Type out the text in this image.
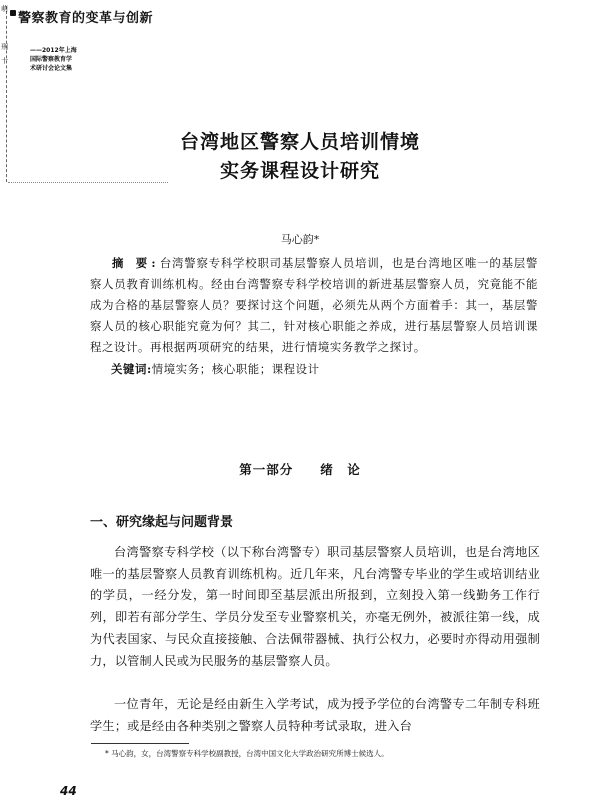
萌
刑
十
警察教育的变革与创新
——2012年上海
国际警察教育学
术研讨会论文集
台湾地区警察人员培训情境
实务课程设计研究
马心韵*
摘 要:台湾警察专科学校职司基层警察人员培训，也是台湾地区唯一的基层警察人员教育训练机构。经由台湾警察专科学校培训的新进基层警察人员，究竟能不能成为合格的基层警察人员？要探讨这个问题，必须先从两个方面着手：其一，基层警察人员的核心职能究竟为何？其二，针对核心职能之养成，进行基层警察人员培训课程之设计。再根据两项研究的结果，进行情境实务教学之探讨。
关键词:情境实务；核心职能；课程设计
第一部分　　绪　论
一、研究缘起与问题背景
台湾警察专科学校（以下称台湾警专）职司基层警察人员培训，也是台湾地区唯一的基层警察人员教育训练机构。近几年来，凡台湾警专毕业的学生或培训结业的学员，一经分发，第一时间即至基层派出所报到，立刻投入第一线勤务工作行列，即若有部分学生、学员分发至专业警察机关，亦毫无例外，被派往第一线，成为代表国家、与民众直接接触、合法佩带器械、执行公权力，必要时亦得动用强制力，以管制人民或为民服务的基层警察人员。
一位青年，无论是经由新生入学考试，成为授予学位的台湾警专二年制专科班学生；或是经由各种类别之警察人员特种考试录取，进入台
* 马心韵，女，台湾警察专科学校副教授，台湾中国文化大学政治研究所博士候选人。
44
